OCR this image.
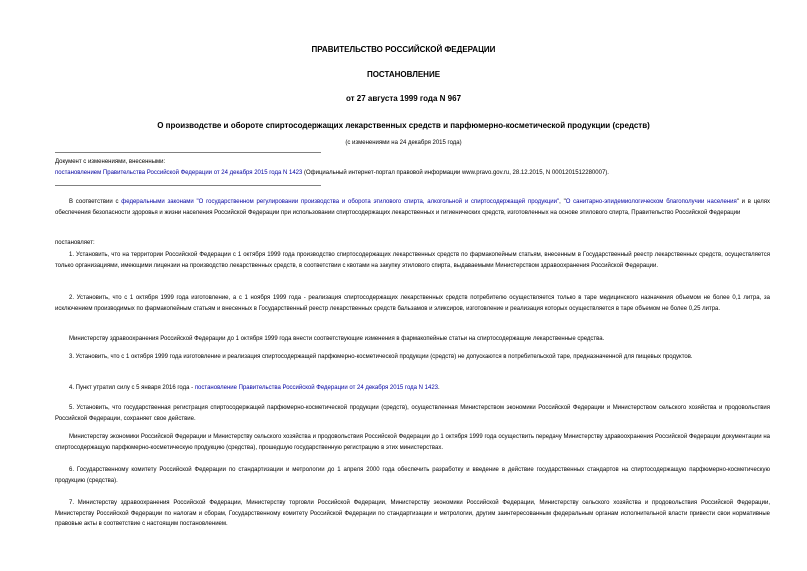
ПРАВИТЕЛЬСТВО РОССИЙСКОЙ ФЕДЕРАЦИИ
ПОСТАНОВЛЕНИЕ
от 27 августа 1999 года N 967
О производстве и обороте спиртосодержащих лекарственных средств и парфюмерно-косметической продукции (средств)
(с изменениями на 24 декабря 2015 года)

Документ с изменениями, внесенными:

постановлением Правительства Российской Федерации от 24 декабря 2015 года N 1423 (Официальный интернет-портал правовой информации www.pravo.gov.ru, 28.12.2015, N 0001201512280007).

В соответствии с федеральными законами "О государственном регулировании производства и оборота этилового спирта, алкогольной и спиртосодержащей продукции", "О санитарно-эпидемиологическом благополучии населения" и в целях обеспечения безопасности здоровья и жизни населения Российской Федерации при использовании спиртосодержащих лекарственных и гигиенических средств, изготовленных на основе этилового спирта, Правительство Российской Федерации

постановляет:

1. Установить, что на территории Российской Федерации с 1 октября 1999 года производство спиртосодержащих лекарственных средств по фармакопейным статьям, внесенным в Государственный реестр лекарственных средств, осуществляется только организациями, имеющими лицензии на производство лекарственных средств, в соответствии с квотами на закупку этилового спирта, выдаваемыми Министерством здравоохранения Российской Федерации.

2. Установить, что с 1 октября 1999 года изготовление, а с 1 ноября 1999 года - реализация спиртосодержащих лекарственных средств потребителю осуществляется только в таре медицинского назначения объемом не более 0,1 литра, за исключением производимых по фармакопейным статьям и внесенных в Государственный реестр лекарственных средств бальзамов и эликсиров, изготовление и реализация которых осуществляется в таре объемом не более 0,25 литра.

Министерству здравоохранения Российской Федерации до 1 октября 1999 года внести соответствующие изменения в фармакопейные статьи на спиртосодержащие лекарственные средства.

3. Установить, что с 1 октября 1999 года изготовление и реализация спиртосодержащей парфюмерно-косметической продукции (средств) не допускаются в потребительской таре, предназначенной для пищевых продуктов.

4. Пункт утратил силу с 5 января 2016 года - постановление Правительства Российской Федерации от 24 декабря 2015 года N 1423.

5. Установить, что государственная регистрация спиртосодержащей парфюмерно-косметической продукции (средств), осуществленная Министерством экономики Российской Федерации и Министерством сельского хозяйства и продовольствия Российской Федерации, сохраняет свое действие.

Министерству экономики Российской Федерации и Министерству сельского хозяйства и продовольствия Российской Федерации до 1 октября 1999 года осуществить передачу Министерству здравоохранения Российской Федерации документации на спиртосодержащую парфюмерно-косметическую продукцию (средства), прошедшую государственную регистрацию в этих министерствах.

6. Государственному комитету Российской Федерации по стандартизации и метрологии до 1 апреля 2000 года обеспечить разработку и введение в действие государственных стандартов на спиртосодержащую парфюмерно-косметическую продукцию (средства).

7. Министерству здравоохранения Российской Федерации, Министерству торговли Российской Федерации, Министерству экономики Российской Федерации, Министерству сельского хозяйства и продовольствия Российской Федерации, Министерству Российской Федерации по налогам и сборам, Государственному комитету Российской Федерации по стандартизации и метрологии, другим заинтересованным федеральным органам исполнительной власти привести свои нормативные правовые акты в соответствие с настоящим постановлением.
